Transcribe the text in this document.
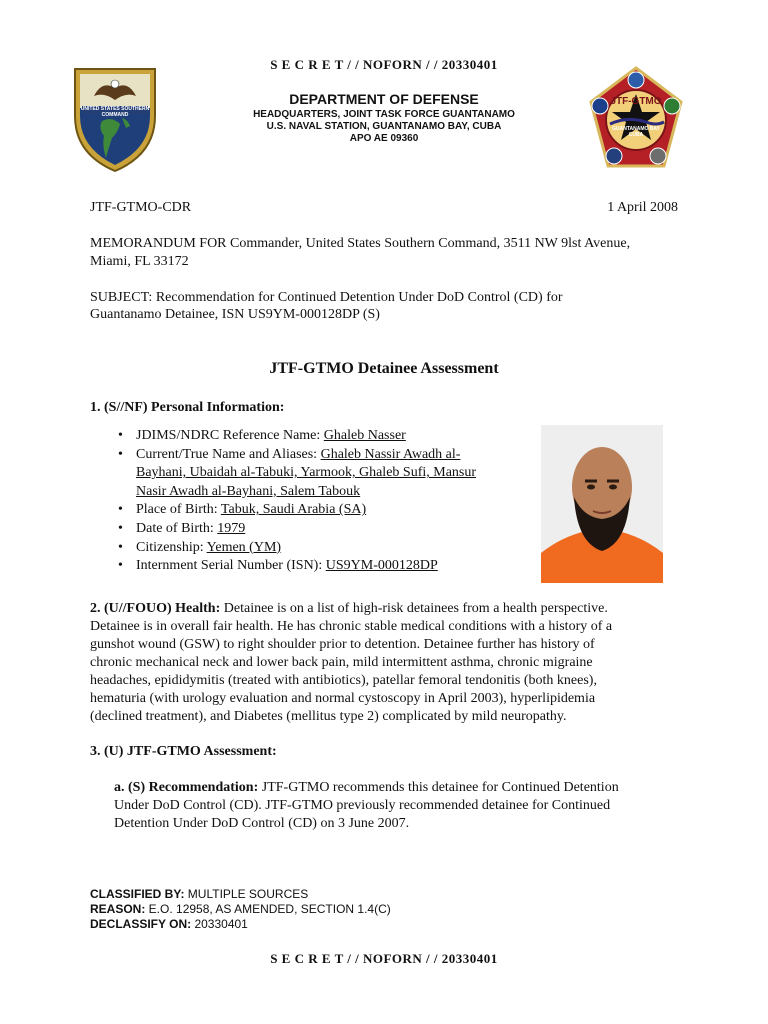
S E C R E T / / NOFORN / / 20330401
UNITED STATES SOUTHERN COMMAND
JTF-GTMO
GUANTANAMO BAY CUBA
DEPARTMENT OF DEFENSE
HEADQUARTERS, JOINT TASK FORCE GUANTANAMO
U.S. NAVAL STATION, GUANTANAMO BAY, CUBA
APO AE 09360
JTF-GTMO-CDR	1 April 2008
MEMORANDUM FOR Commander, United States Southern Command, 3511 NW 9lst Avenue,
Miami, FL 33172
SUBJECT: Recommendation for Continued Detention Under DoD Control (CD) for
Guantanamo Detainee, ISN US9YM-000128DP (S)
JTF-GTMO Detainee Assessment
1. (S//NF) Personal Information:
• JDIMS/NDRC Reference Name: Ghaleb Nasser
• Current/True Name and Aliases: Ghaleb Nassir Awadh al-
Bayhani, Ubaidah al-Tabuki, Yarmook, Ghaleb Sufi, Mansur
Nasir Awadh al-Bayhani, Salem Tabouk
• Place of Birth: Tabuk, Saudi Arabia (SA)
• Date of Birth: 1979
• Citizenship: Yemen (YM)
• Internment Serial Number (ISN): US9YM-000128DP
2. (U//FOUO) Health: Detainee is on a list of high-risk detainees from a health perspective.
Detainee is in overall fair health. He has chronic stable medical conditions with a history of a
gunshot wound (GSW) to right shoulder prior to detention. Detainee further has history of
chronic mechanical neck and lower back pain, mild intermittent asthma, chronic migraine
headaches, epididymitis (treated with antibiotics), patellar femoral tendonitis (both knees),
hematuria (with urology evaluation and normal cystoscopy in April 2003), hyperlipidemia
(declined treatment), and Diabetes (mellitus type 2) complicated by mild neuropathy.
3. (U) JTF-GTMO Assessment:
a. (S) Recommendation: JTF-GTMO recommends this detainee for Continued Detention
Under DoD Control (CD). JTF-GTMO previously recommended detainee for Continued
Detention Under DoD Control (CD) on 3 June 2007.
CLASSIFIED BY: MULTIPLE SOURCES
REASON: E.O. 12958, AS AMENDED, SECTION 1.4(C)
DECLASSIFY ON: 20330401
S E C R E T / / NOFORN / / 20330401
